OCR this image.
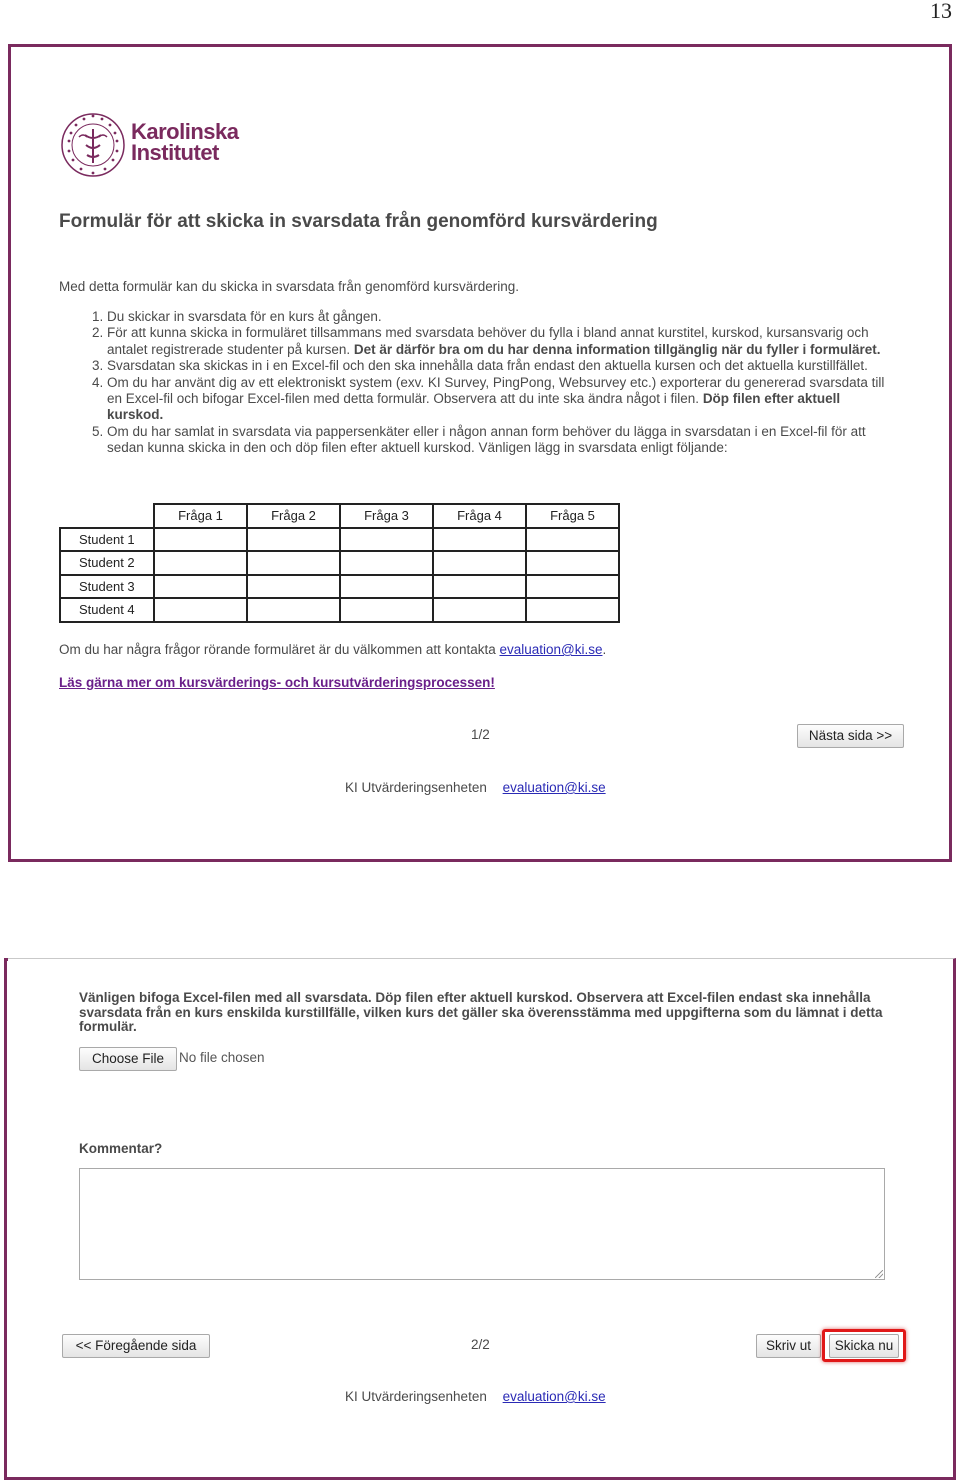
13
Karolinska
Institutet
Formulär för att skicka in svarsdata från genomförd kursvärdering
Med detta formulär kan du skicka in svarsdata från genomförd kursvärdering.
1. Du skickar in svarsdata för en kurs åt gången.
2. För att kunna skicka in formuläret tillsammans med svarsdata behöver du fylla i bland annat kurstitel, kurskod, kursansvarig och antalet registrerade studenter på kursen. Det är därför bra om du har denna information tillgänglig när du fyller i formuläret.
3. Svarsdatan ska skickas in i en Excel-fil och den ska innehålla data från endast den aktuella kursen och det aktuella kurstillfället.
4. Om du har använt dig av ett elektroniskt system (exv. KI Survey, PingPong, Websurvey etc.) exporterar du genererad svarsdata till en Excel-fil och bifogar Excel-filen med detta formulär. Observera att du inte ska ändra något i filen. Döp filen efter aktuell kurskod.
5. Om du har samlat in svarsdata via pappersenkäter eller i någon annan form behöver du lägga in svarsdatan i en Excel-fil för att sedan kunna skicka in den och döp filen efter aktuell kurskod. Vänligen lägg in svarsdata enligt följande:
	Fråga 1	Fråga 2	Fråga 3	Fråga 4	Fråga 5
Student 1					
Student 2					
Student 3					
Student 4					
Om du har några frågor rörande formuläret är du välkommen att kontakta evaluation@ki.se.
Läs gärna mer om kursvärderings- och kursutvärderingsprocessen!
1/2	Nästa sida >>
KI Utvärderingsenheten evaluation@ki.se
Vänligen bifoga Excel-filen med all svarsdata. Döp filen efter aktuell kurskod. Observera att Excel-filen endast ska innehålla svarsdata från en kurs enskilda kurstillfälle, vilken kurs det gäller ska överensstämma med uppgifterna som du lämnat i detta formulär.
Choose File	No file chosen
Kommentar?
<< Föregående sida	2/2	Skriv ut	Skicka nu
KI Utvärderingsenheten evaluation@ki.se
